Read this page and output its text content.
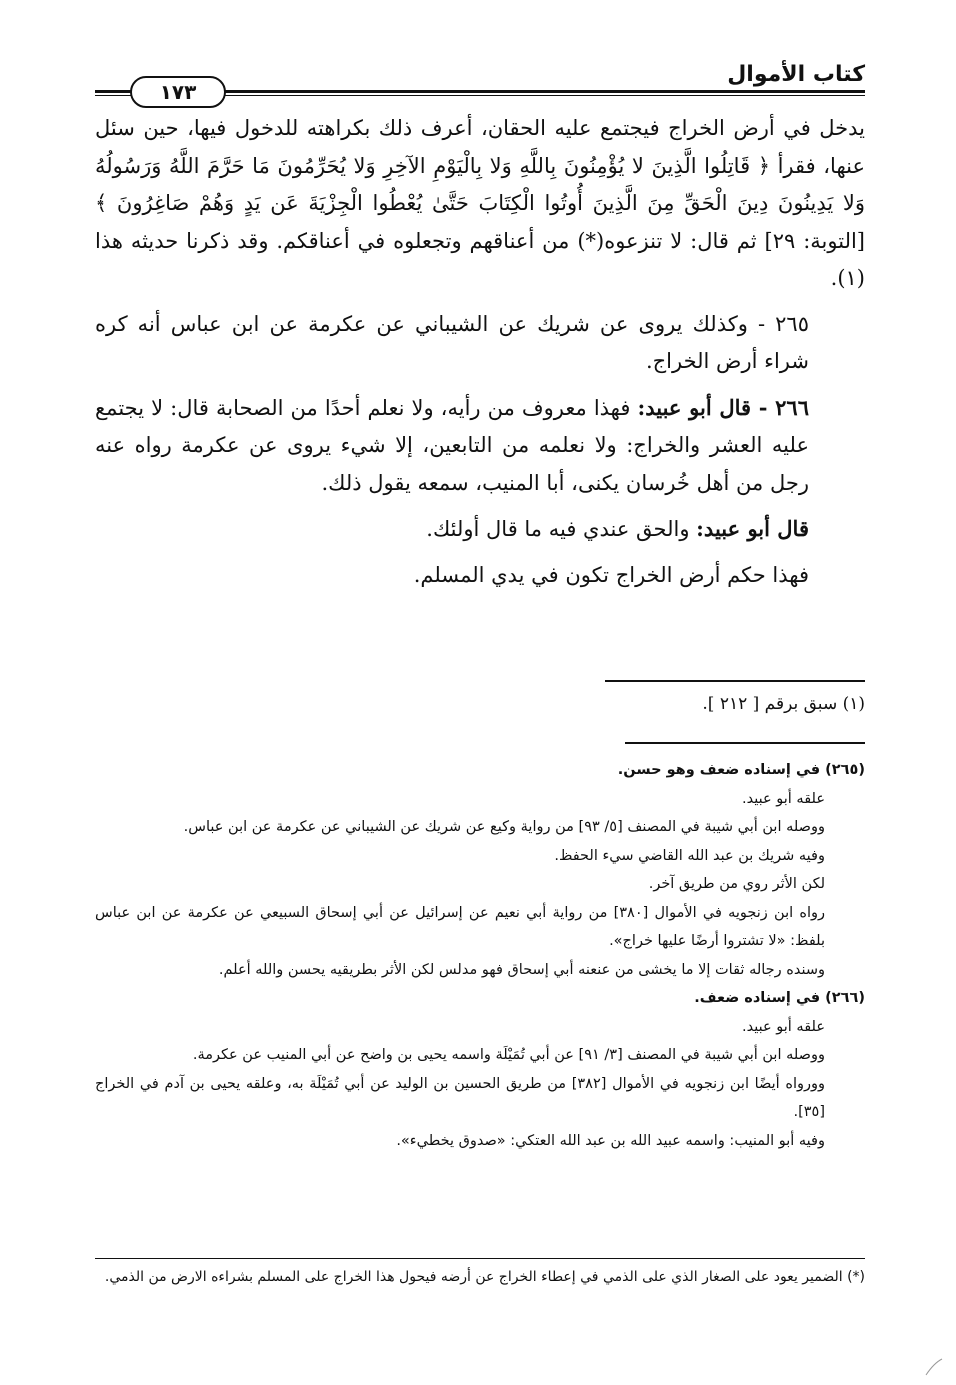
كتاب الأموال
١٧٣

يدخل في أرض الخراج فيجتمع عليه الحقان، أعرف ذلك بكراهته للدخول فيها، حين سئل عنها، فقرأ ﴿ قَاتِلُوا الَّذِينَ لا يُؤْمِنُونَ بِاللَّهِ وَلا بِالْيَوْمِ الآخِرِ وَلا يُحَرِّمُونَ مَا حَرَّمَ اللَّهُ وَرَسُولُهُ وَلا يَدِينُونَ دِينَ الْحَقِّ مِنَ الَّذِينَ أُوتُوا الْكِتَابَ حَتَّىٰ يُعْطُوا الْجِزْيَةَ عَن يَدٍ وَهُمْ صَاغِرُونَ ﴾ [التوبة: ٢٩] ثم قال: لا تنزعوه(*) من أعناقهم وتجعلوه في أعناقكم. وقد ذكرنا حديثه هذا (١).

٢٦٥ - وكذلك يروى عن شريك عن الشيباني عن عكرمة عن ابن عباس أنه كره شراء أرض الخراج.

٢٦٦ - قال أبو عبيد: فهذا معروف من رأيه، ولا نعلم أحدًا من الصحابة قال: لا يجتمع عليه العشر والخراج: ولا نعلمه من التابعين، إلا شيء يروى عن عكرمة رواه عنه رجل من أهل خُرسان يكنى، أبا المنيب، سمعه يقول ذلك.

قال أبو عبيد: والحق عندي فيه ما قال أولئك.

فهذا حكم أرض الخراج تكون في يدي المسلم.

(١) سبق برقم [ ٢١٢ ].

(٢٦٥) في إسناده ضعف وهو حسن.

علقه أبو عبيد.

ووصله ابن أبي شيبة في المصنف [٥/ ٩٣] من رواية وكيع عن شريك عن الشيباني عن عكرمة عن ابن عباس.

وفيه شريك بن عبد الله القاضي سيء الحفظ.

لكن الأثر روي من طريق آخر.

رواه ابن زنجويه في الأموال [٣٨٠] من رواية أبي نعيم عن إسرائيل عن أبي إسحاق السبيعي عن عكرمة عن ابن عباس بلفظ: «لا تشتروا أرضًا عليها خراج».

وسنده رجاله ثقات إلا ما يخشى من عنعنه أبي إسحاق فهو مدلس لكن الأثر بطريقيه يحسن والله أعلم.

(٢٦٦) في إسناده ضعف.

علقه أبو عبيد.

ووصله ابن أبي شيبة في المصنف [٣/ ٩١] عن أبي تُمَيْلَة واسمه يحيى بن واضح عن أبي المنيب عن عكرمة.

وورواه أيضًا ابن زنجويه في الأموال [٣٨٢] من طريق الحسين بن الوليد عن أبي تُمَيْلَة به، وعلقه يحيى بن آدم في الخراج [٣٥].

وفيه أبو المنيب: واسمه عبيد الله بن عبد الله العتكي: «صدوق يخطيء».

(*) الضمير يعود على الصغار الذي على الذمي في إعطاء الخراج عن أرضه فيحول هذا الخراج على المسلم بشراءه الارض من الذمي.
